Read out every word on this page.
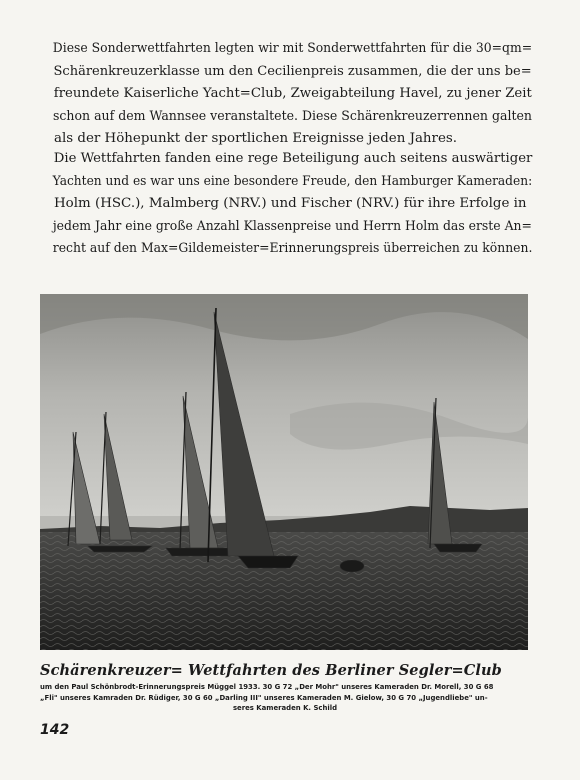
Diese Sonderwettfahrten legten wir mit Sonderwettfahrten für die 30=qm=
Schärenkreuzerklasse um den Cecilienpreis zusammen, die der uns be=
freundete Kaiserliche Yacht=Club, Zweigabteilung Havel, zu jener Zeit
schon auf dem Wannsee veranstaltete. Diese Schärenkreuzerrennen galten
als der Höhepunkt der sportlichen Ereignisse jeden Jahres.
Die Wettfahrten fanden eine rege Beteiligung auch seitens auswärtiger
Yachten und es war uns eine besondere Freude, den Hamburger Kameraden:
Holm (HSC.), Malmberg (NRV.) und Fischer (NRV.) für ihre Erfolge in
jedem Jahr eine große Anzahl Klassenpreise und Herrn Holm das erste An=
recht auf den Max=Gildemeister=Erinnerungspreis überreichen zu können.
Schärenkreuzer= Wettfahrten des Berliner Segler=Club
um den Paul Schönbrodt-Erinnerungspreis Müggel 1933. 30 G 72 „Der Mohr" unseres Kameraden Dr. Morell, 30 G 68
„Fli" unseres Kamraden Dr. Rüdiger, 30 G 60 „Darling III" unseres Kameraden M. Gielow, 30 G 70 „Jugendliebe" un-
seres Kameraden K. Schild
142
